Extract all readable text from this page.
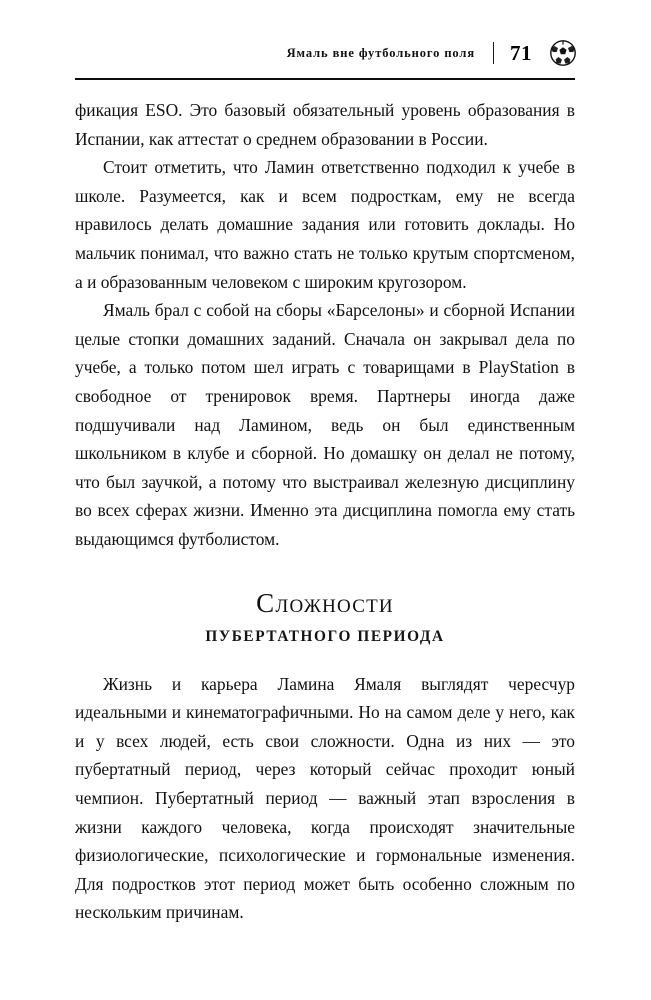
Ямаль вне футбольного поля 71

фикация ESO. Это базовый обязательный уровень образования в Испании, как аттестат о среднем образовании в России.

Стоит отметить, что Ламин ответственно подходил к учебе в школе. Разумеется, как и всем подросткам, ему не всегда нравилось делать домашние задания или готовить доклады. Но мальчик понимал, что важно стать не только крутым спортсменом, а и образованным человеком с широким кругозором.

Ямаль брал с собой на сборы «Барселоны» и сборной Испании целые стопки домашних заданий. Сначала он закрывал дела по учебе, а только потом шел играть с товарищами в PlayStation в свободное от тренировок время. Партнеры иногда даже подшучивали над Ламином, ведь он был единственным школьником в клубе и сборной. Но домашку он делал не потому, что был заучкой, а потому что выстраивал железную дисциплину во всех сферах жизни. Именно эта дисциплина помогла ему стать выдающимся футболистом.

Сложности
ПУБЕРТАТНОГО ПЕРИОДА

Жизнь и карьера Ламина Ямаля выглядят чересчур идеальными и кинематографичными. Но на самом деле у него, как и у всех людей, есть свои сложности. Одна из них — это пубертатный период, через который сейчас проходит юный чемпион. Пубертатный период — важный этап взросления в жизни каждого человека, когда происходят значительные физиологические, психологические и гормональные изменения. Для подростков этот период может быть особенно сложным по нескольким причинам.
